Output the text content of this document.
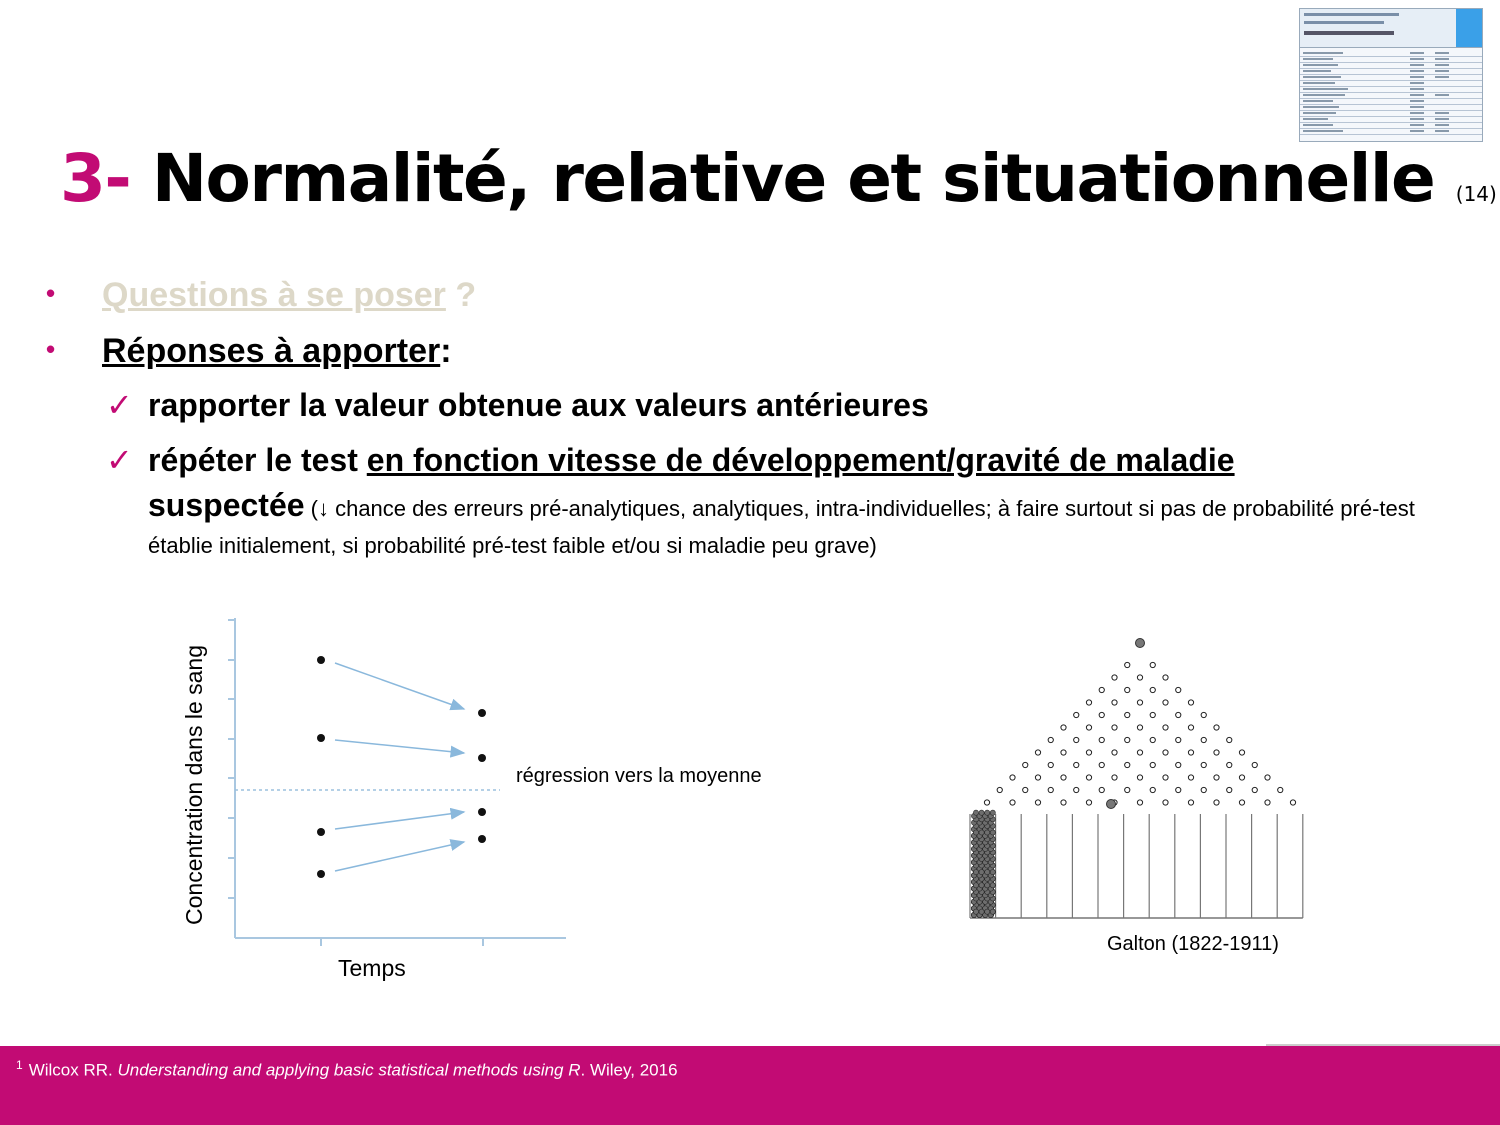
3- Normalité, relative et situationnelle (14)
• Questions à se poser ?
• Réponses à apporter:
✓ rapporter la valeur obtenue aux valeurs antérieures
✓ répéter le test en fonction vitesse de développement/gravité de maladie
suspectée (↓ chance des erreurs pré-analytiques, analytiques, intra-individuelles; à faire surtout si pas de probabilité pré-test établie initialement, si probabilité pré-test faible et/ou si maladie peu grave)
Concentration dans le sang
Temps
régression vers la moyenne
Galton (1822-1911)
$^1$ Wilcox RR. Understanding and applying basic statistical methods using R. Wiley, 2016
